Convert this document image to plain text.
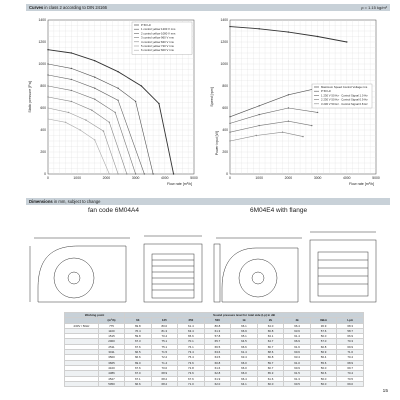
Curves in class 2 according to DIN 24166	ρ = 1.15 kg/m³
0	1000	2000	3000	4000	5000
0
200
400
600
800
1000
1200
1400
Flow rate [m³/h]
Static pressure [Pa]
P 50 Hz
1 control yellow 1200 V rms
2 control yellow 1080 V rms
3 control yellow 960 V rms
4 control yellow 840 V rms
5 control yellow 720 V rms
6 control yellow 600 V rms
0	1000	2000	3000	4000	5000
0
200
400
600
800
1000
1200
1400
Flow rate [m³/h]
Speed [rpm]
Power input [W]
Maximum Speed Control Voltage rms
P 50 Hz
1 230 V 50 Hz · Control Signal 1.0 Hz
2 230 V 50 Hz · Control Signal 0.9 Hz
3 230 V 50 Hz · Control Signal 0.8 Hz
Dimensions in mm, subject to change
fan code 6M04A4	6M04E4 with flange
Working point		Sound pressure level for total side (Lp) in dB								
	(m³/h)	63	125	250	500	1k	2k	4k	8kHz	LpA
230V / 50Hz	775	69.8	80.0	61.4	80.8	66.1	64.0	66.4	36.9	68.3
	1100	76.4	81.3	63.4	61.3	66.9	66.8	63.6	57.6	58.7
	1515	59.8	70.4	65.6	57.8	65.1	63.1	61.4	50.0	66.9
	2000	67.3	75.1	70.1	65.7	64.5	64.7	66.9	57.0	70.3
	2511	67.6	75.1	76.1	66.5	66.6	66.7	61.6	60.8	69.9
	3011	66.5	71.5	73.4	63.6	61.4	68.6	60.6	56.9	71.6
	3500	66.6	72.2	75.4	64.5	63.4	66.8	63.4	56.4	70.4
	3665	69.0	71.4	73.6	60.8	66.0	59.7	61.0	55.6	68.9
	4100	67.6	70.0	72.8	61.6	66.0	60.7	60.9	56.0	69.7
	4386	67.0	68.9	73.6	62.8	66.0	65.3	61.5	56.6	70.4
	4527	67.1	68.2	67.6	61.9	66.4	61.6	61.3	56.0	70.5
	5050	66.6	68.2	71.0	62.0	64.1	60.0	60.5	56.0	69.0
15
